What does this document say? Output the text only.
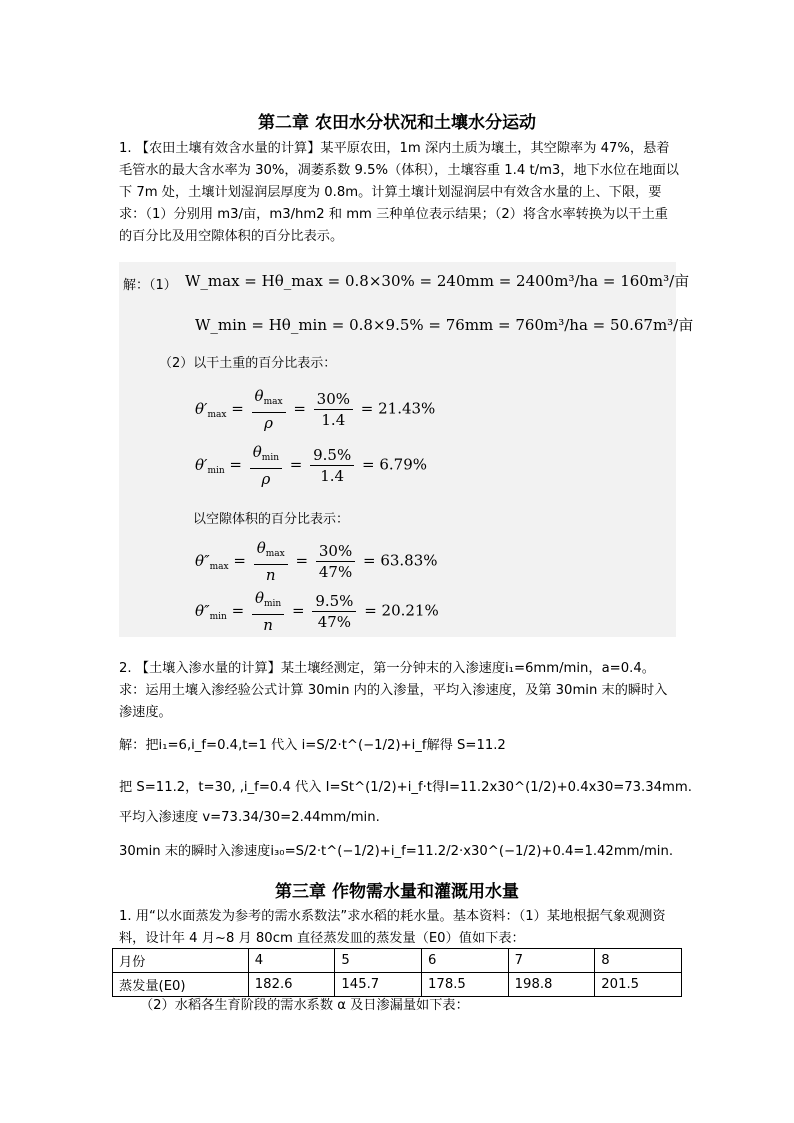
第二章 农田水分状况和土壤水分运动
1. 【农田土壤有效含水量的计算】某平原农田，1m 深内土质为壤土，其空隙率为 47%，悬着毛管水的最大含水率为 30%，凋萎系数 9.5%（体积），土壤容重 1.4 t/m3，地下水位在地面以下 7m 处，土壤计划湿润层厚度为 0.8m。计算土壤计划湿润层中有效含水量的上、下限，要求：（1）分别用 m3/亩，m3/hm2 和 mm 三种单位表示结果；（2）将含水率转换为以干土重的百分比及用空隙体积的百分比表示。
解：（1） W_max = Hθ_max = 0.8×30% = 240mm = 2400m³/ha = 160m³/亩
W_min = Hθ_min = 0.8×9.5% = 76mm = 760m³/ha = 50.67m³/亩
（2）以干土重的百分比表示：
$\theta'_{max} = \frac{\theta_{max}}{\rho} = \frac{30\%}{1.4} = 21.43\%$
$\theta'_{min} = \frac{\theta_{min}}{\rho} = \frac{9.5\%}{1.4} = 6.79\%$
以空隙体积的百分比表示：
$\theta''_{max} = \frac{\theta_{max}}{n} = \frac{30\%}{47\%} = 63.83\%$
$\theta''_{min} = \frac{\theta_{min}}{n} = \frac{9.5\%}{47\%} = 20.21\%$
2. 【土壤入渗水量的计算】某土壤经测定，第一分钟末的入渗速度i₁=6mm/min，a=0.4。求：运用土壤入渗经验公式计算 30min 内的入渗量，平均入渗速度，及第 30min 末的瞬时入渗速度。
解：把i₁=6,i_f=0.4,t=1 代入 i=S/2·t^(−1/2)+i_f解得 S=11.2
把 S=11.2，t=30, ,i_f=0.4 代入 I=St^(1/2)+i_f·t得I=11.2x30^(1/2)+0.4x30=73.34mm.
平均入渗速度 v=73.34/30=2.44mm/min.
30min 末的瞬时入渗速度i₃₀=S/2·t^(−1/2)+i_f=11.2/2·x30^(−1/2)+0.4=1.42mm/min.
第三章 作物需水量和灌溉用水量
1. 用“以水面蒸发为参考的需水系数法”求水稻的耗水量。基本资料：（1）某地根据气象观测资料，设计年 4 月~8 月 80cm 直径蒸发皿的蒸发量（E0）值如下表：
月份	4	5	6	7	8
蒸发量(E0)	182.6	145.7	178.5	198.8	201.5
（2）水稻各生育阶段的需水系数 α 及日渗漏量如下表：
